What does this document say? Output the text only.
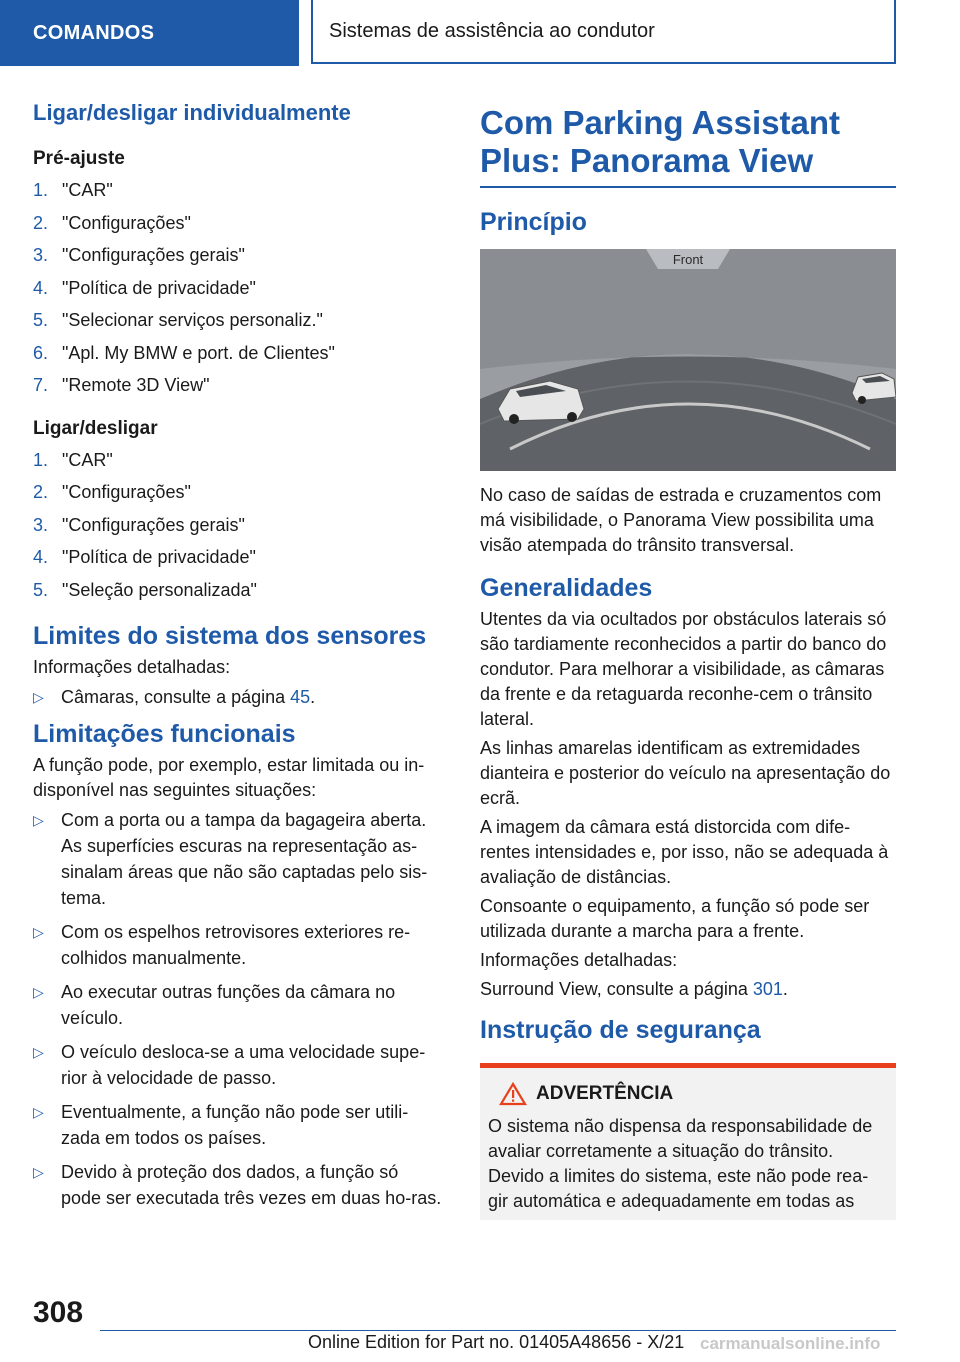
COMANDOS	Sistemas de assistência ao condutor
Ligar/desligar individualmente
Pré-ajuste
1. "CAR"
2. "Configurações"
3. "Configurações gerais"
4. "Política de privacidade"
5. "Selecionar serviços personaliz."
6. "Apl. My BMW e port. de Clientes"
7. "Remote 3D View"
Ligar/desligar
1. "CAR"
2. "Configurações"
3. "Configurações gerais"
4. "Política de privacidade"
5. "Seleção personalizada"
Limites do sistema dos sensores

Informações detalhadas:

▷ Câmaras, consulte a página 45.
Limitações funcionais

A função pode, por exemplo, estar limitada ou in-disponível nas seguintes situações:

▷ Com a porta ou a tampa da bagageira aberta. As superfícies escuras na representação as-sinalam áreas que não são captadas pelo sis-tema.
▷ Com os espelhos retrovisores exteriores re-colhidos manualmente.
▷ Ao executar outras funções da câmara no veículo.
▷ O veículo desloca-se a uma velocidade supe-rior à velocidade de passo.
▷ Eventualmente, a função não pode ser utili-zada em todos os países.
▷ Devido à proteção dos dados, a função só pode ser executada três vezes em duas ho-ras.
Com Parking Assistant Plus: Panorama View
Princípio
Front

No caso de saídas de estrada e cruzamentos com má visibilidade, o Panorama View possibilita uma visão atempada do trânsito transversal.

Generalidades

Utentes da via ocultados por obstáculos laterais só são tardiamente reconhecidos a partir do banco do condutor. Para melhorar a visibilidade, as câmaras da frente e da retaguarda reconhe-cem o trânsito lateral.

As linhas amarelas identificam as extremidades dianteira e posterior do veículo na apresentação do ecrã.

A imagem da câmara está distorcida com dife-rentes intensidades e, por isso, não se adequada à avaliação de distâncias.

Consoante o equipamento, a função só pode ser utilizada durante a marcha para a frente.

Informações detalhadas:

Surround View, consulte a página 301.

Instrução de segurança
ADVERTÊNCIA

O sistema não dispensa da responsabilidade de avaliar corretamente a situação do trânsito. Devido a limites do sistema, este não pode rea-gir automática e adequadamente em todas as

308
Online Edition for Part no. 01405A48656 - X/21 carmanualsonline.info
